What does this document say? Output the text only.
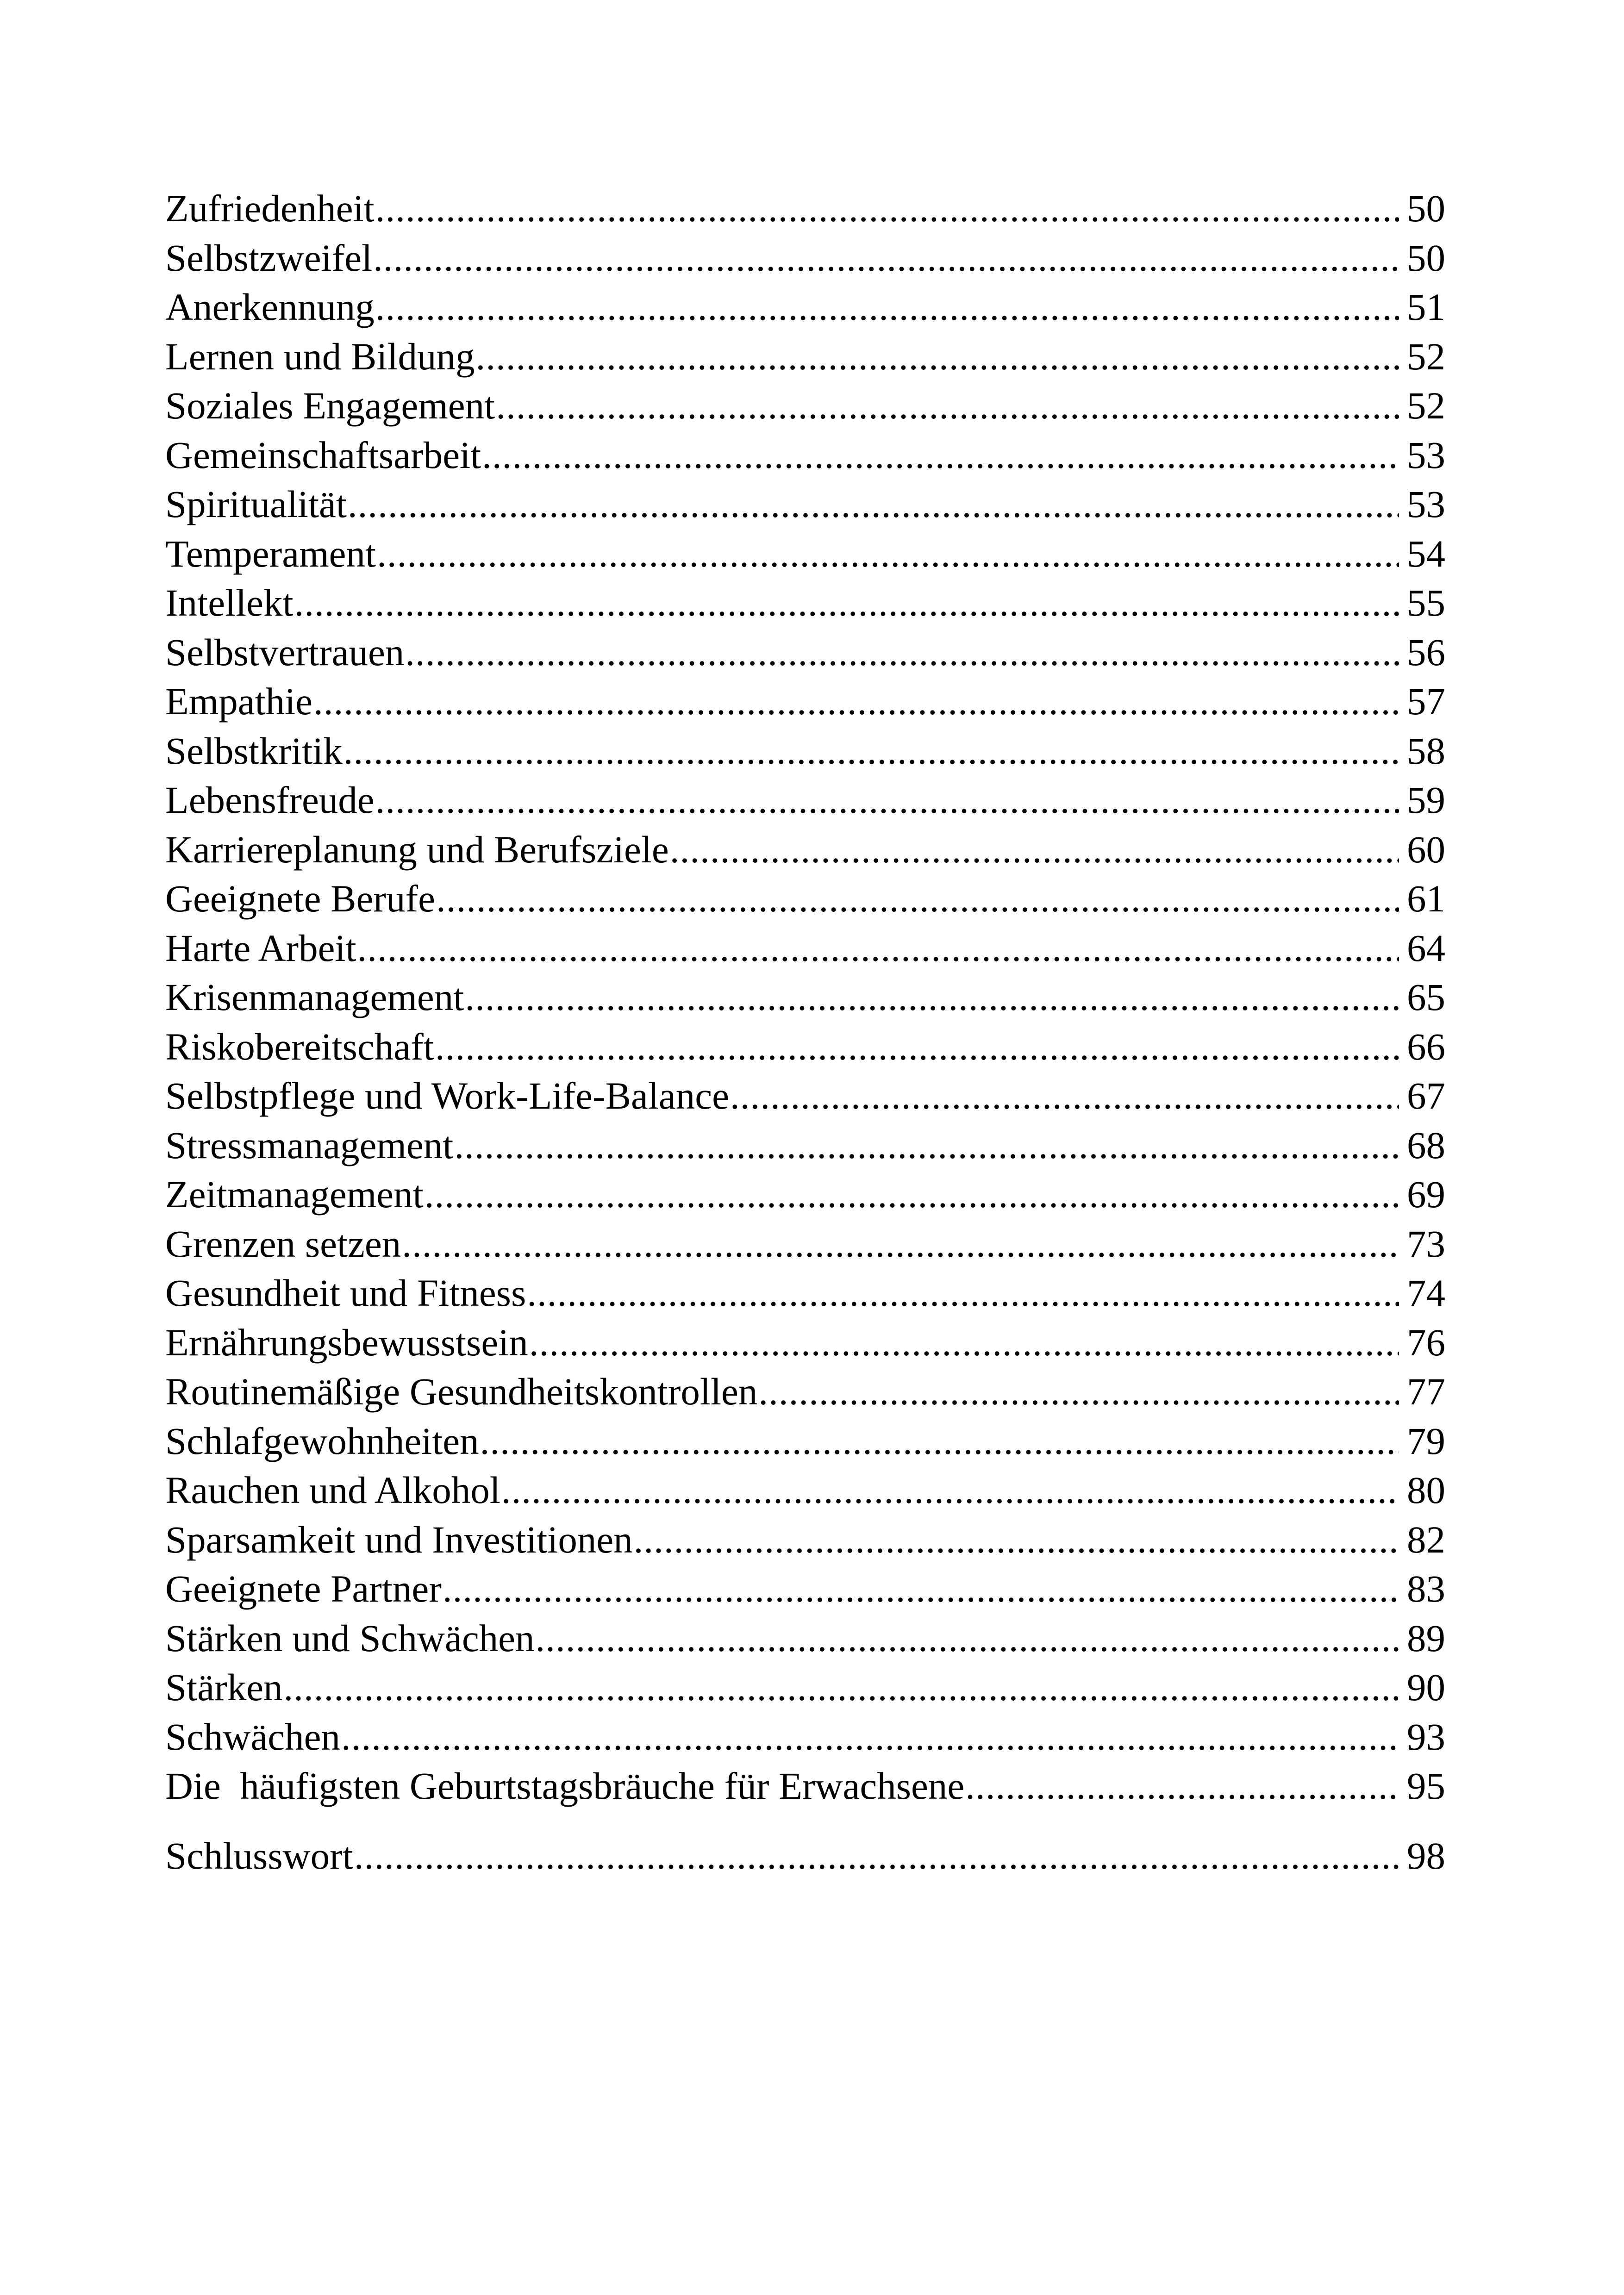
Zufriedenheit .....	50
Selbstzweifel .....	50
Anerkennung .....	51
Lernen und Bildung .....	52
Soziales Engagement .....	52
Gemeinschaftsarbeit .....	53
Spiritualität .....	53
Temperament .....	54
Intellekt .....	55
Selbstvertrauen .....	56
Empathie .....	57
Selbstkritik .....	58
Lebensfreude .....	59
Karriereplanung und Berufsziele .....	60
Geeignete Berufe .....	61
Harte Arbeit .....	64
Krisenmanagement .....	65
Riskobereitschaft .....	66
Selbstpflege und Work-Life-Balance .....	67
Stressmanagement .....	68
Zeitmanagement .....	69
Grenzen setzen .....	73
Gesundheit und Fitness .....	74
Ernährungsbewusstsein .....	76
Routinemäßige Gesundheitskontrollen .....	77
Schlafgewohnheiten .....	79
Rauchen und Alkohol .....	80
Sparsamkeit und Investitionen .....	82
Geeignete Partner .....	83
Stärken und Schwächen .....	89
Stärken .....	90
Schwächen .....	93
Die  häufigsten Geburtstagsbräuche für Erwachsene .....	95
Schlusswort .....	98
